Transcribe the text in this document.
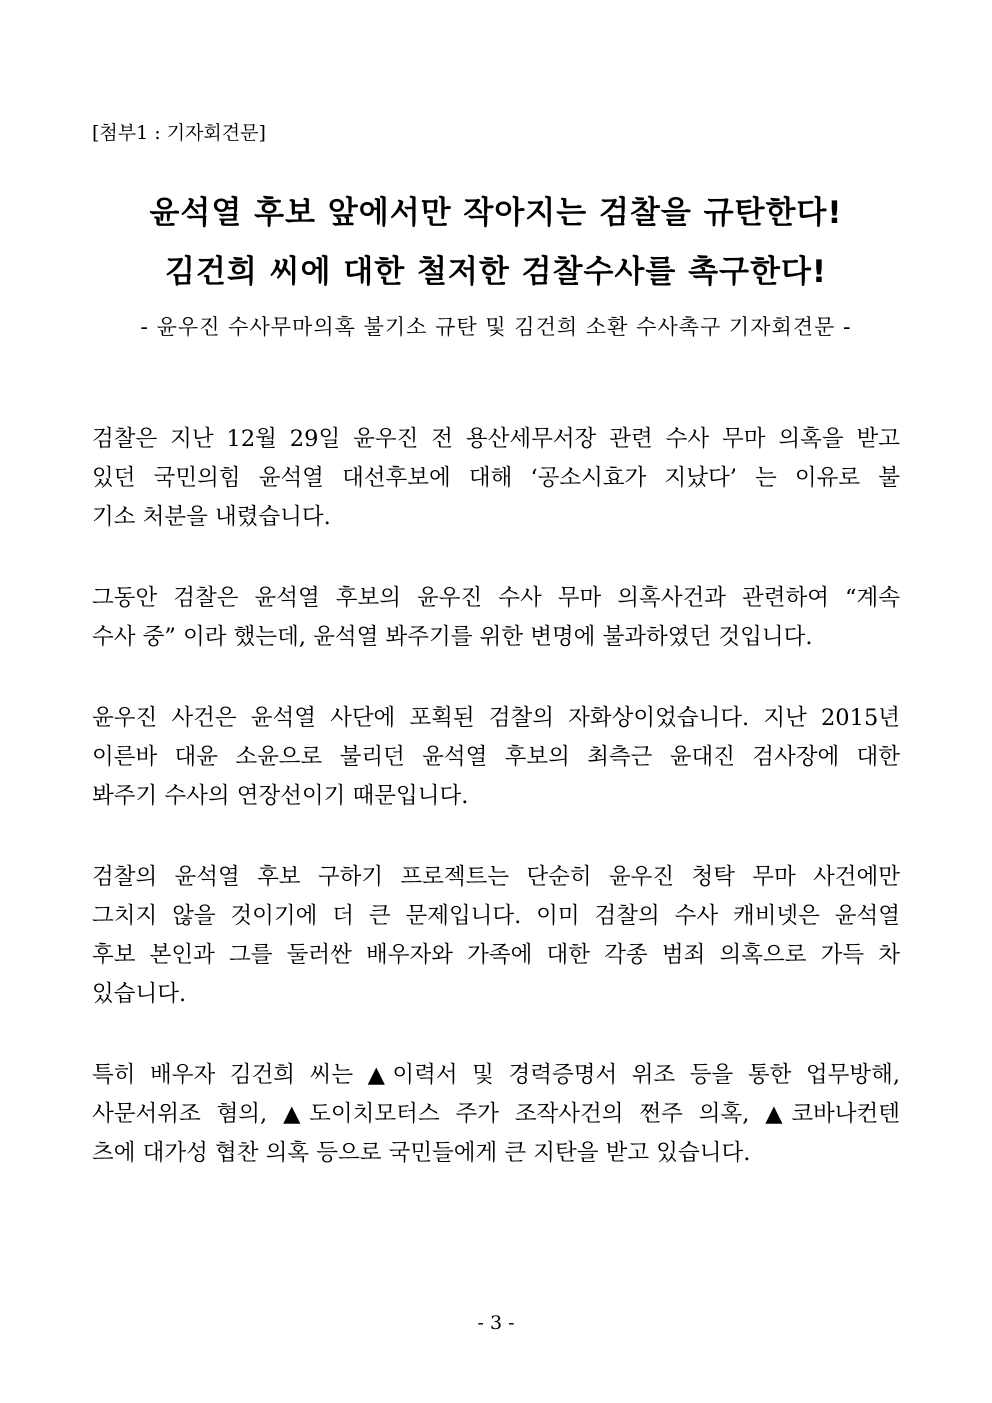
[첨부1 : 기자회견문]
윤석열 후보 앞에서만 작아지는 검찰을 규탄한다!
김건희 씨에 대한 철저한 검찰수사를 촉구한다!
- 윤우진 수사무마의혹 불기소 규탄 및 김건희 소환 수사촉구 기자회견문 -

검찰은 지난 12월 29일 윤우진 전 용산세무서장 관련 수사 무마 의혹을 받고
있던 국민의힘 윤석열 대선후보에 대해 ‘공소시효가 지났다’ 는 이유로 불
기소 처분을 내렸습니다.

그동안 검찰은 윤석열 후보의 윤우진 수사 무마 의혹사건과 관련하여 “계속
수사 중” 이라 했는데, 윤석열 봐주기를 위한 변명에 불과하였던 것입니다.

윤우진 사건은 윤석열 사단에 포획된 검찰의 자화상이었습니다. 지난 2015년
이른바 대윤 소윤으로 불리던 윤석열 후보의 최측근 윤대진 검사장에 대한
봐주기 수사의 연장선이기 때문입니다.

검찰의 윤석열 후보 구하기 프로젝트는 단순히 윤우진 청탁 무마 사건에만
그치지 않을 것이기에 더 큰 문제입니다. 이미 검찰의 수사 캐비넷은 윤석열
후보 본인과 그를 둘러싼 배우자와 가족에 대한 각종 범죄 의혹으로 가득 차
있습니다.

특히 배우자 김건희 씨는 ▲이력서 및 경력증명서 위조 등을 통한 업무방해,
사문서위조 혐의, ▲도이치모터스 주가 조작사건의 쩐주 의혹, ▲코바나컨텐
츠에 대가성 협찬 의혹 등으로 국민들에게 큰 지탄을 받고 있습니다.

- 3 -
